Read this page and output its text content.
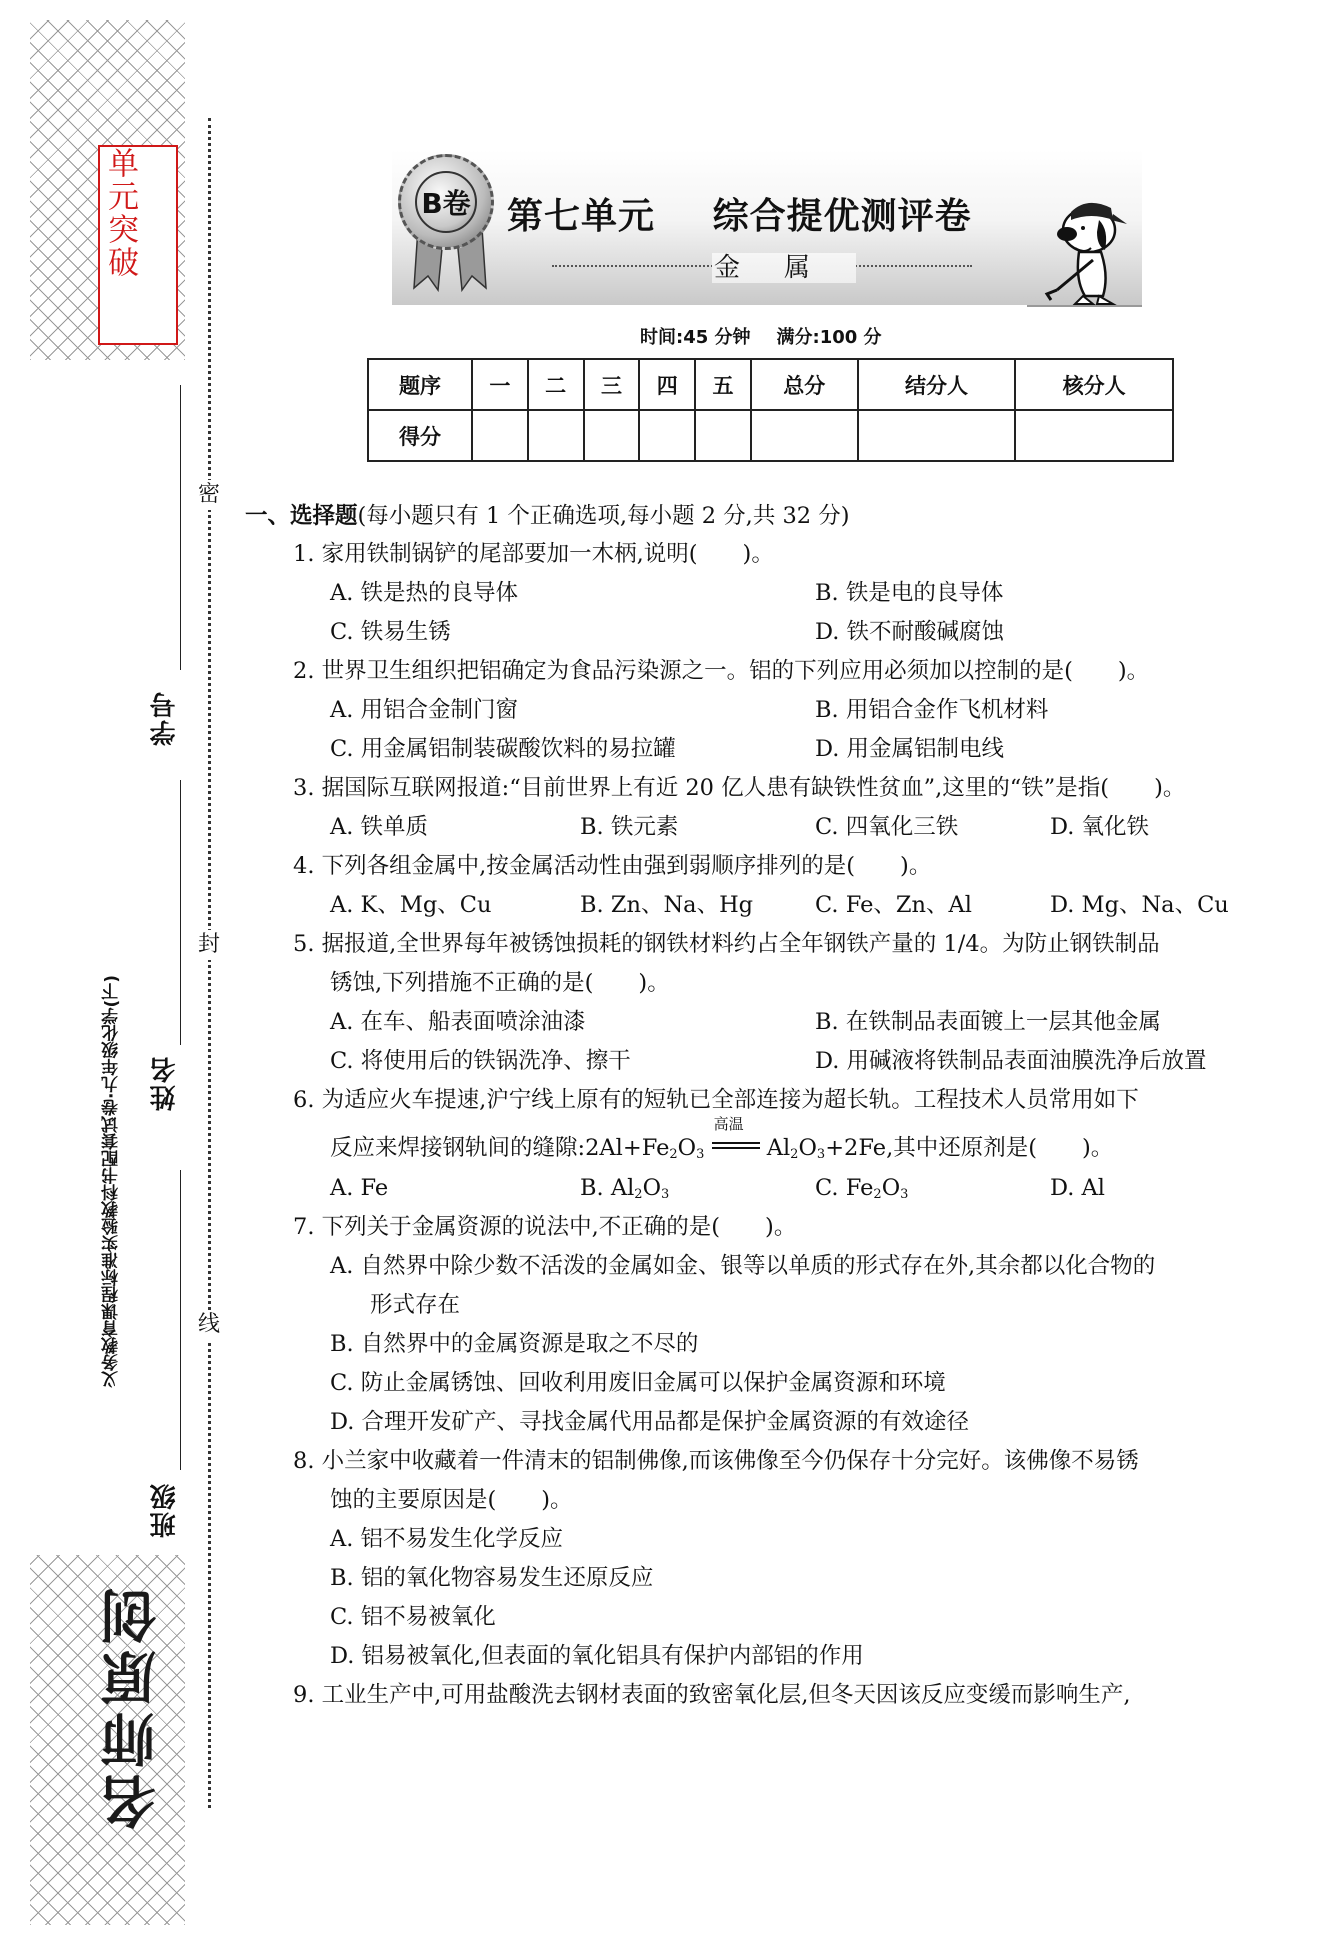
单元突破
义务教育课程标准实验教科书配套试卷·九年级化学(下)
学号
姓名
班级
名师原创
密
封
线
B卷 第七单元 综合提优测评卷
金属
时间:45 分钟 满分:100 分
题序	一	二	三	四	五	总分	结分人	核分人
得分								
一、选择题(每小题只有 1 个正确选项,每小题 2 分,共 32 分)
1. 家用铁制锅铲的尾部要加一木柄,说明(　　)。
A. 铁是热的良导体	B. 铁是电的良导体
C. 铁易生锈	D. 铁不耐酸碱腐蚀
2. 世界卫生组织把铝确定为食品污染源之一。铝的下列应用必须加以控制的是(　　)。
A. 用铝合金制门窗	B. 用铝合金作飞机材料
C. 用金属铝制装碳酸饮料的易拉罐	D. 用金属铝制电线
3. 据国际互联网报道:“目前世界上有近 20 亿人患有缺铁性贫血”,这里的“铁”是指(　　)。
A. 铁单质	B. 铁元素	C. 四氧化三铁	D. 氧化铁
4. 下列各组金属中,按金属活动性由强到弱顺序排列的是(　　)。
A. K、Mg、Cu	B. Zn、Na、Hg	C. Fe、Zn、Al	D. Mg、Na、Cu
5. 据报道,全世界每年被锈蚀损耗的钢铁材料约占全年钢铁产量的 1/4。为防止钢铁制品
锈蚀,下列措施不正确的是(　　)。
A. 在车、船表面喷涂油漆	B. 在铁制品表面镀上一层其他金属
C. 将使用后的铁锅洗净、擦干	D. 用碱液将铁制品表面油膜洗净后放置
6. 为适应火车提速,沪宁线上原有的短轨已全部连接为超长轨。工程技术人员常用如下
反应来焊接钢轨间的缝隙$:2Al+Fe_2O_3$
高温
$Al_2O_3+2Fe$,其中还原剂是(　　)。
A. Fe	B. $Al_2O_3$	C. $Fe_2O_3$	D. Al
7. 下列关于金属资源的说法中,不正确的是(　　)。
A. 自然界中除少数不活泼的金属如金、银等以单质的形式存在外,其余都以化合物的
形式存在
B. 自然界中的金属资源是取之不尽的
C. 防止金属锈蚀、回收利用废旧金属可以保护金属资源和环境
D. 合理开发矿产、寻找金属代用品都是保护金属资源的有效途径
8. 小兰家中收藏着一件清末的铝制佛像,而该佛像至今仍保存十分完好。该佛像不易锈
蚀的主要原因是(　　)。
A. 铝不易发生化学反应
B. 铝的氧化物容易发生还原反应
C. 铝不易被氧化
D. 铝易被氧化,但表面的氧化铝具有保护内部铝的作用
9. 工业生产中,可用盐酸洗去钢材表面的致密氧化层,但冬天因该反应变缓而影响生产,
